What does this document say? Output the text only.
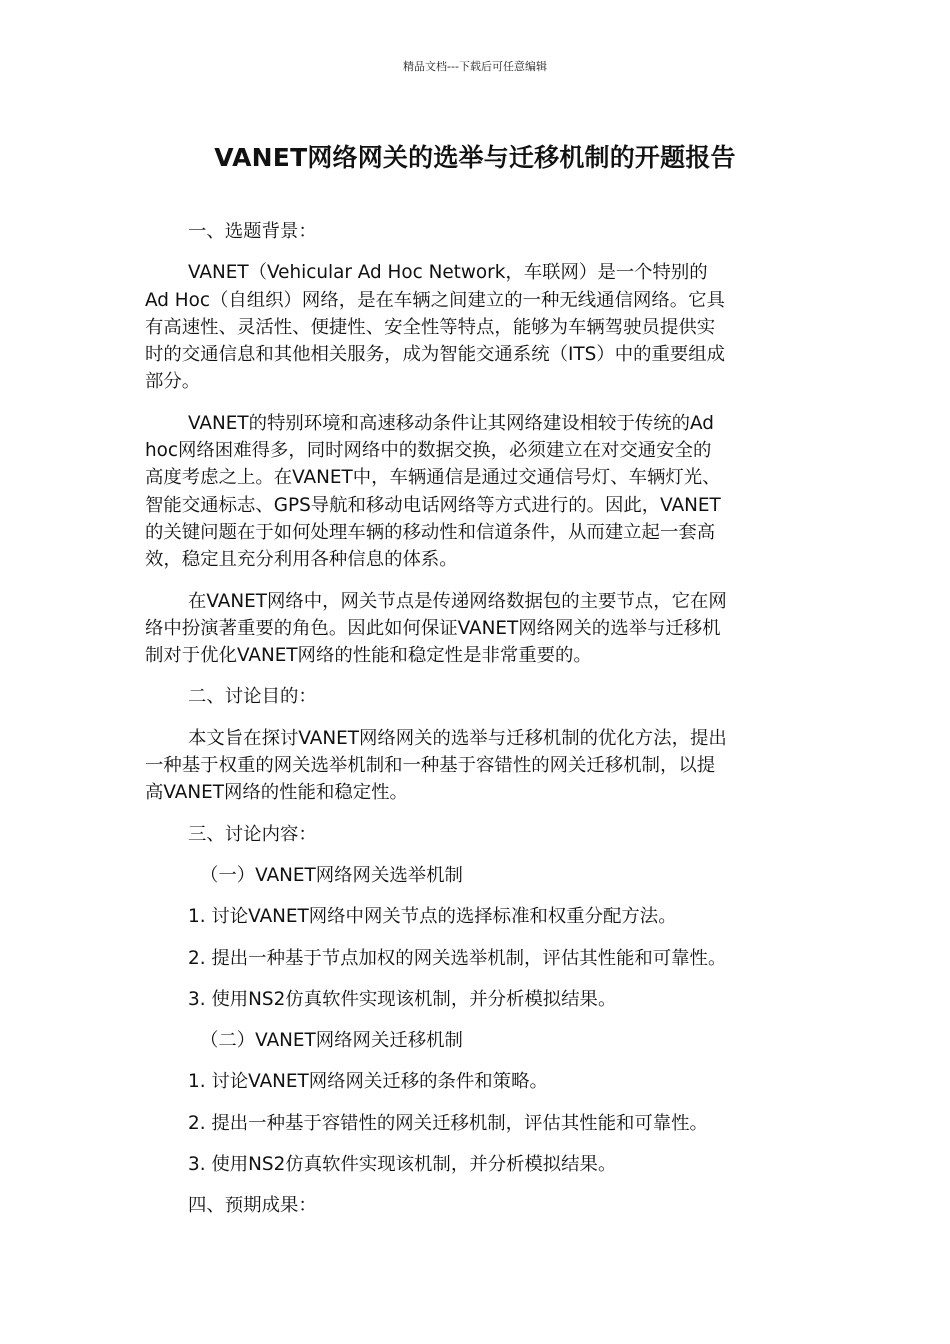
精品文档---下载后可任意编辑
VANET网络网关的选举与迁移机制的开题报告
一、选题背景：
VANET（Vehicular Ad Hoc Network，车联网）是一个特别的
Ad Hoc（自组织）网络，是在车辆之间建立的一种无线通信网络。它具
有高速性、灵活性、便捷性、安全性等特点，能够为车辆驾驶员提供实
时的交通信息和其他相关服务，成为智能交通系统（ITS）中的重要组成
部分。
VANET的特别环境和高速移动条件让其网络建设相较于传统的Ad
hoc网络困难得多，同时网络中的数据交换，必须建立在对交通安全的
高度考虑之上。在VANET中，车辆通信是通过交通信号灯、车辆灯光、
智能交通标志、GPS导航和移动电话网络等方式进行的。因此，VANET
的关键问题在于如何处理车辆的移动性和信道条件，从而建立起一套高
效，稳定且充分利用各种信息的体系。
在VANET网络中，网关节点是传递网络数据包的主要节点，它在网
络中扮演著重要的角色。因此如何保证VANET网络网关的选举与迁移机
制对于优化VANET网络的性能和稳定性是非常重要的。
二、讨论目的：
本文旨在探讨VANET网络网关的选举与迁移机制的优化方法，提出
一种基于权重的网关选举机制和一种基于容错性的网关迁移机制，以提
高VANET网络的性能和稳定性。
三、讨论内容：
（一）VANET网络网关选举机制
1. 讨论VANET网络中网关节点的选择标准和权重分配方法。
2. 提出一种基于节点加权的网关选举机制，评估其性能和可靠性。
3. 使用NS2仿真软件实现该机制，并分析模拟结果。
（二）VANET网络网关迁移机制
1. 讨论VANET网络网关迁移的条件和策略。
2. 提出一种基于容错性的网关迁移机制，评估其性能和可靠性。
3. 使用NS2仿真软件实现该机制，并分析模拟结果。
四、预期成果：
